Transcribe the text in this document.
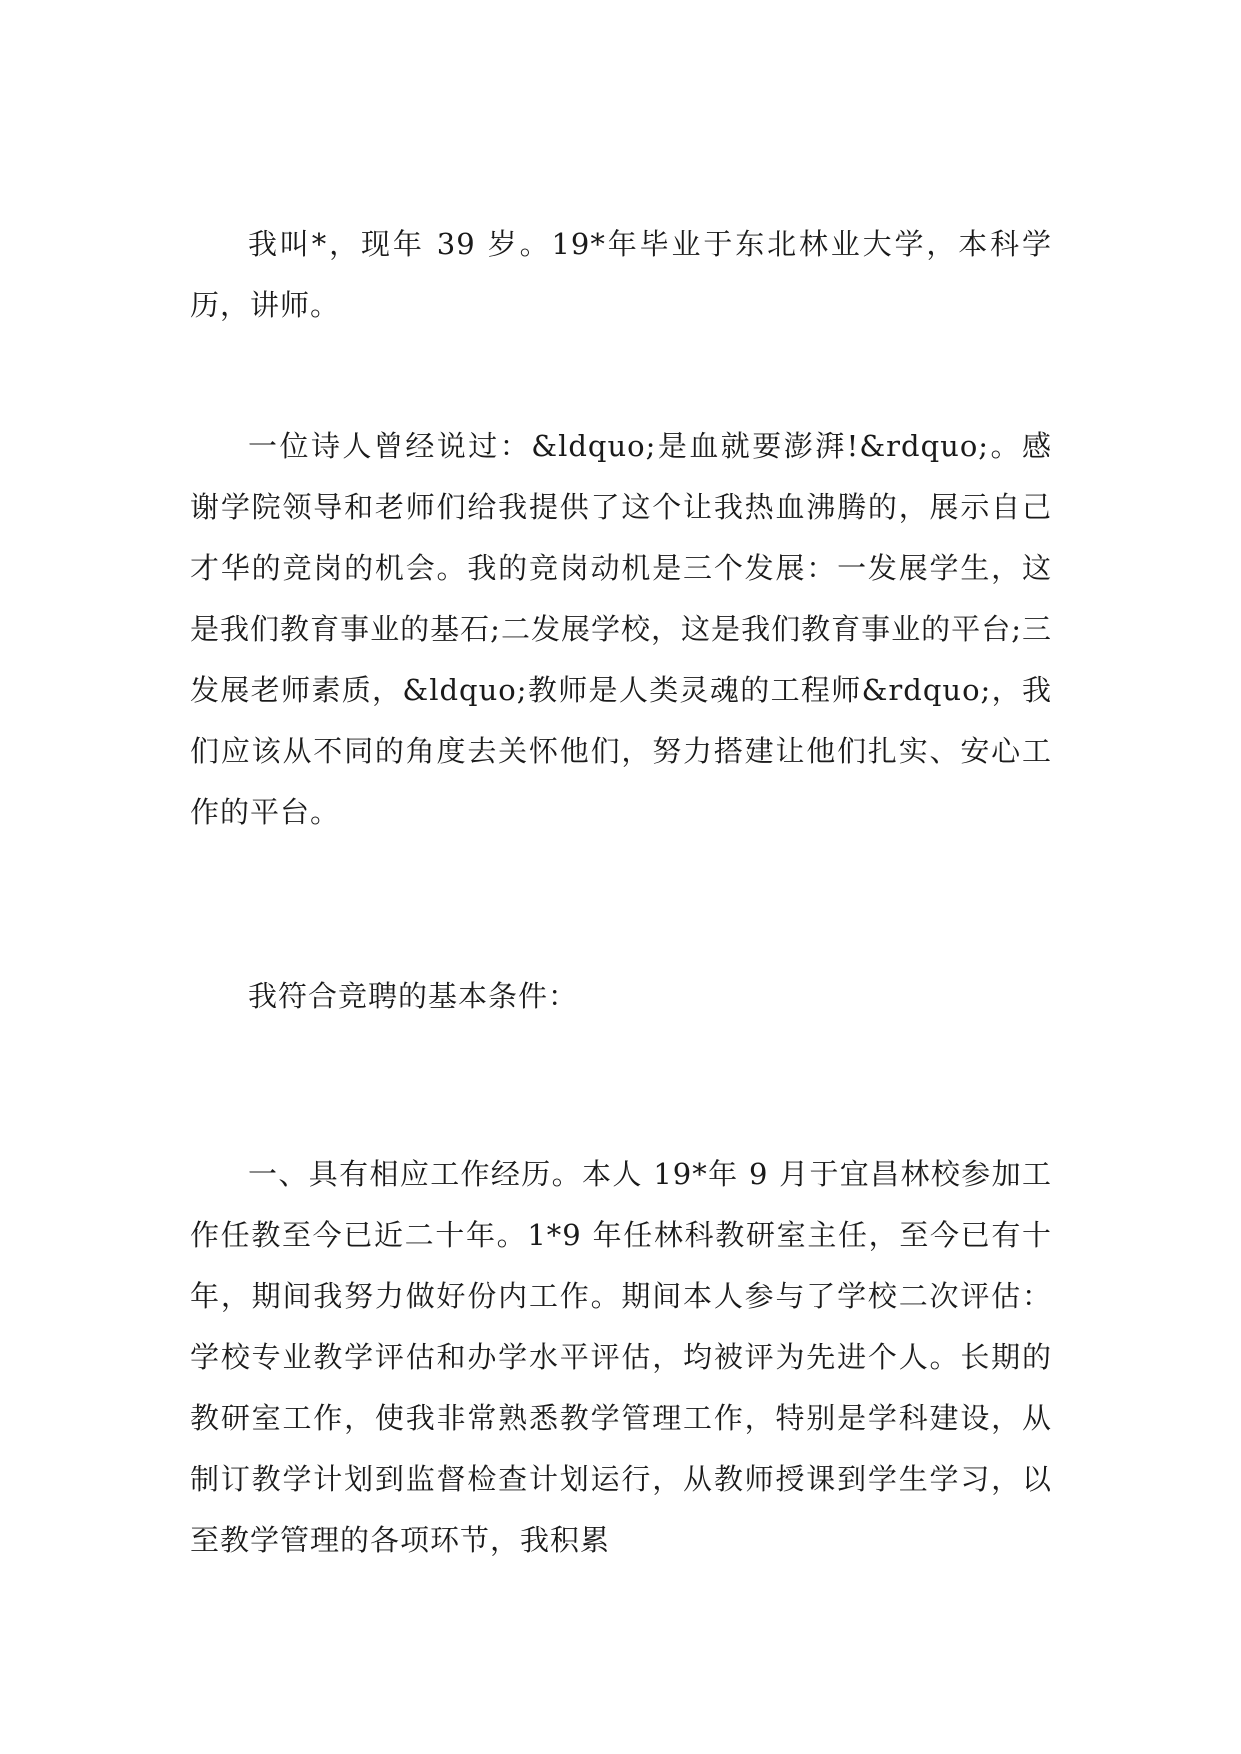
我叫*，现年 39 岁。19*年毕业于东北林业大学，本科学历，讲师。

一位诗人曾经说过：&ldquo;是血就要澎湃!&rdquo;。感谢学院领导和老师们给我提供了这个让我热血沸腾的，展示自己才华的竞岗的机会。我的竞岗动机是三个发展：一发展学生，这是我们教育事业的基石;二发展学校，这是我们教育事业的平台;三发展老师素质，&ldquo;教师是人类灵魂的工程师&rdquo;，我们应该从不同的角度去关怀他们，努力搭建让他们扎实、安心工作的平台。

我符合竞聘的基本条件：

一、具有相应工作经历。本人 19*年 9 月于宜昌林校参加工作任教至今已近二十年。1*9 年任林科教研室主任，至今已有十年，期间我努力做好份内工作。期间本人参与了学校二次评估：学校专业教学评估和办学水平评估，均被评为先进个人。长期的教研室工作，使我非常熟悉教学管理工作，特别是学科建设，从制订教学计划到监督检查计划运行，从教师授课到学生学习，以至教学管理的各项环节，我积累
